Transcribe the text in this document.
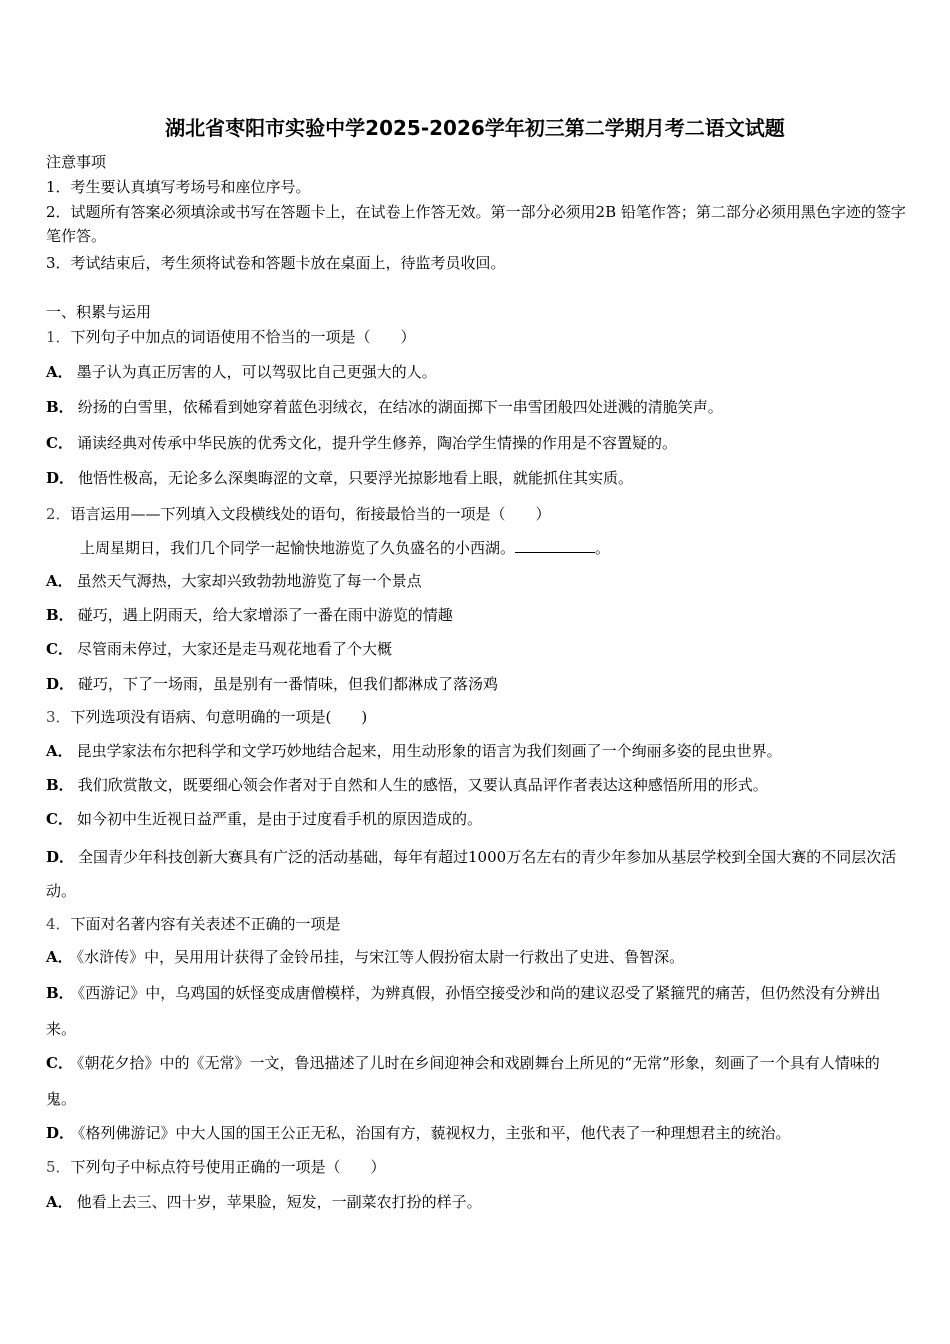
湖北省枣阳市实验中学2025-2026学年初三第二学期月考二语文试题
注意事项
1．考生要认真填写考场号和座位序号。
2．试题所有答案必须填涂或书写在答题卡上，在试卷上作答无效。第一部分必须用2B 铅笔作答；第二部分必须用黑色字迹的签字笔作答。
3．考试结束后，考生须将试卷和答题卡放在桌面上，待监考员收回。
一、积累与运用
1．下列句子中加点的词语使用不恰当的一项是（　　）
A． 墨子认为真正厉害的人，可以驾驭比自己更强大的人。
B． 纷扬的白雪里，依稀看到她穿着蓝色羽绒衣，在结冰的湖面掷下一串雪团般四处迸溅的清脆笑声。
C． 诵读经典对传承中华民族的优秀文化，提升学生修养，陶冶学生情操的作用是不容置疑的。
D． 他悟性极高，无论多么深奥晦涩的文章，只要浮光掠影地看上眼，就能抓住其实质。
2．语言运用——下列填入文段横线处的语句，衔接最恰当的一项是（　　）
上周星期日，我们几个同学一起愉快地游览了久负盛名的小西湖。	。
A． 虽然天气溽热，大家却兴致勃勃地游览了每一个景点
B． 碰巧，遇上阴雨天，给大家增添了一番在雨中游览的情趣
C． 尽管雨未停过，大家还是走马观花地看了个大概
D． 碰巧，下了一场雨，虽是别有一番情味，但我们都淋成了落汤鸡
3．下列选项没有语病、句意明确的一项是(　　)
A． 昆虫学家法布尔把科学和文学巧妙地结合起来，用生动形象的语言为我们刻画了一个绚丽多姿的昆虫世界。
B． 我们欣赏散文，既要细心领会作者对于自然和人生的感悟，又要认真品评作者表达这种感悟所用的形式。
C． 如今初中生近视日益严重，是由于过度看手机的原因造成的。
D． 全国青少年科技创新大赛具有广泛的活动基础，每年有超过1000万名左右的青少年参加从基层学校到全国大赛的不同层次活动。
4．下面对名著内容有关表述不正确的一项是
A． 《水浒传》中，吴用用计获得了金铃吊挂，与宋江等人假扮宿太尉一行救出了史进、鲁智深。
B． 《西游记》中，乌鸡国的妖怪变成唐僧模样，为辨真假，孙悟空接受沙和尚的建议忍受了紧箍咒的痛苦，但仍然没有分辨出来。
C． 《朝花夕拾》中的《无常》一文，鲁迅描述了儿时在乡间迎神会和戏剧舞台上所见的“无常”形象，刻画了一个具有人情味的鬼。
D． 《格列佛游记》中大人国的国王公正无私，治国有方，藐视权力，主张和平，他代表了一种理想君主的统治。
5．下列句子中标点符号使用正确的一项是（　　）
A． 他看上去三、四十岁，苹果脸，短发，一副菜农打扮的样子。
